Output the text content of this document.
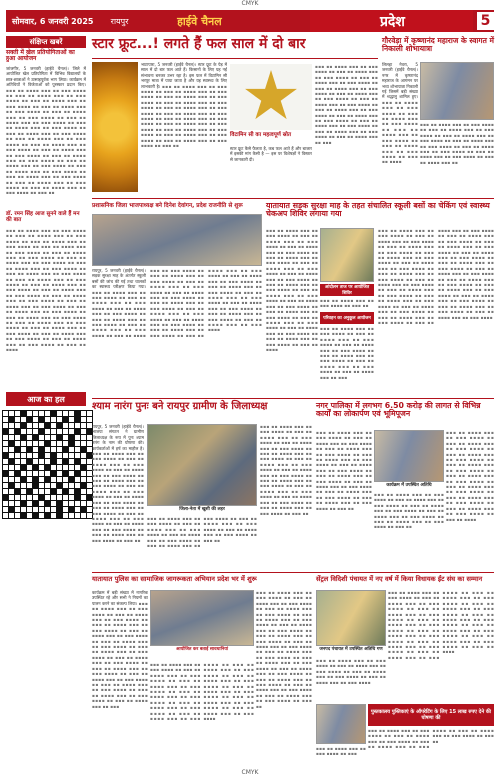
CMYK
सोमवार, 6 जनवरी 2025	रायपुर	हाईवे चैनल	प्रदेश	5
संक्षिप्त खबरें
सक्ती में खेल प्रतियोगिताओं का हुआ आयोजन
जांजगीर, 5 जनवरी (हाईवे चैनल)। जिले में आयोजित खेल प्रतियोगिता में विभिन्न विद्यालयों के छात्र-छात्राओं ने उत्साहपूर्वक भाग लिया। कार्यक्रम में अतिथियों ने विजेताओं को पुरस्कार प्रदान किए। ▪▪▪ ▪▪ ▪▪▪▪ ▪▪▪ ▪▪ ▪▪▪ ▪▪▪▪ ▪▪ ▪▪▪ ▪▪ ▪▪▪▪ ▪▪▪ ▪▪ ▪▪▪ ▪▪▪▪ ▪▪ ▪▪▪ ▪▪ ▪▪▪▪ ▪▪▪ ▪▪ ▪▪▪ ▪▪▪▪ ▪▪ ▪▪▪ ▪▪ ▪▪▪▪ ▪▪▪ ▪▪ ▪▪▪ ▪▪▪▪ ▪▪ ▪▪▪ ▪▪ ▪▪▪▪ ▪▪▪ ▪▪ ▪▪▪ ▪▪▪▪ ▪▪ ▪▪▪ ▪▪ ▪▪▪▪ ▪▪▪ ▪▪ ▪▪▪ ▪▪▪▪ ▪▪ ▪▪▪ ▪▪ ▪▪▪▪ ▪▪▪ ▪▪ ▪▪▪ ▪▪▪▪ ▪▪ ▪▪▪ ▪▪ ▪▪▪▪ ▪▪▪ ▪▪ ▪▪▪ ▪▪▪▪ ▪▪ ▪▪▪ ▪▪ ▪▪▪▪ ▪▪▪ ▪▪ ▪▪▪ ▪▪▪▪ ▪▪ ▪▪▪ ▪▪ ▪▪▪▪ ▪▪▪ ▪▪ ▪▪▪ ▪▪▪▪ ▪▪ ▪▪▪ ▪▪ ▪▪▪▪ ▪▪▪ ▪▪ ▪▪▪ ▪▪▪▪ ▪▪ ▪▪▪ ▪▪ ▪▪▪▪ ▪▪▪ ▪▪ ▪▪▪ ▪▪▪▪ ▪▪ ▪▪▪ ▪▪ ▪▪▪▪ ▪▪▪ ▪▪ ▪▪▪ ▪▪▪▪ ▪▪ ▪▪▪ ▪▪ ▪▪▪▪ ▪▪▪ ▪▪ ▪▪▪ ▪▪▪▪ ▪▪ ▪▪▪ ▪▪ ▪▪▪▪ ▪▪▪ ▪▪ ▪▪▪ ▪▪▪▪ ▪▪ ▪▪▪ ▪▪ ▪▪▪▪ ▪▪▪ ▪▪ ▪▪▪ ▪▪▪▪ ▪▪ ▪▪▪ ▪▪ ▪▪▪▪ ▪▪▪ ▪▪ ▪▪▪ ▪▪▪▪ ▪▪ ▪▪▪ ▪▪
डॉ. रमन सिंह आज सुनने वाले हैं मन की बात
▪▪▪ ▪▪ ▪▪▪▪ ▪▪▪ ▪▪ ▪▪▪ ▪▪▪▪ ▪▪ ▪▪▪ ▪▪ ▪▪▪▪ ▪▪▪ ▪▪ ▪▪▪ ▪▪▪▪ ▪▪ ▪▪▪ ▪▪ ▪▪▪▪ ▪▪▪ ▪▪ ▪▪▪ ▪▪▪▪ ▪▪ ▪▪▪ ▪▪ ▪▪▪▪ ▪▪▪ ▪▪ ▪▪▪ ▪▪▪▪ ▪▪ ▪▪▪ ▪▪ ▪▪▪▪ ▪▪▪ ▪▪ ▪▪▪ ▪▪▪▪ ▪▪ ▪▪▪ ▪▪ ▪▪▪▪ ▪▪▪ ▪▪ ▪▪▪ ▪▪▪▪ ▪▪ ▪▪▪ ▪▪ ▪▪▪▪ ▪▪▪ ▪▪ ▪▪▪ ▪▪▪▪ ▪▪ ▪▪▪ ▪▪ ▪▪▪▪ ▪▪▪ ▪▪ ▪▪▪ ▪▪▪▪ ▪▪ ▪▪▪ ▪▪ ▪▪▪▪ ▪▪▪ ▪▪ ▪▪▪ ▪▪▪▪ ▪▪ ▪▪▪ ▪▪ ▪▪▪▪ ▪▪▪ ▪▪ ▪▪▪ ▪▪▪▪ ▪▪ ▪▪▪ ▪▪ ▪▪▪▪ ▪▪▪ ▪▪ ▪▪▪ ▪▪▪▪ ▪▪ ▪▪▪ ▪▪ ▪▪▪▪ ▪▪▪ ▪▪ ▪▪▪ ▪▪▪▪ ▪▪ ▪▪▪ ▪▪ ▪▪▪▪ ▪▪▪ ▪▪ ▪▪▪ ▪▪▪▪ ▪▪ ▪▪▪ ▪▪ ▪▪▪▪ ▪▪▪ ▪▪ ▪▪▪ ▪▪▪▪ ▪▪ ▪▪▪ ▪▪ ▪▪▪▪ ▪▪▪ ▪▪ ▪▪▪ ▪▪▪▪ ▪▪ ▪▪▪ ▪▪ ▪▪▪▪ ▪▪▪ ▪▪ ▪▪▪ ▪▪▪▪ ▪▪ ▪▪▪ ▪▪ ▪▪▪▪ ▪▪▪ ▪▪ ▪▪▪ ▪▪▪▪ ▪▪ ▪▪▪ ▪▪ ▪▪▪▪ ▪▪▪ ▪▪ ▪▪▪ ▪▪▪▪ ▪▪ ▪▪▪ ▪▪ ▪▪▪▪ ▪▪▪ ▪▪ ▪▪▪ ▪▪▪▪ ▪▪ ▪▪▪ ▪▪ ▪▪▪▪
आज का हल
स्टार फ्रूट...! लगते हैं फल साल में दो बार
भाटापारा, 5 जनवरी (हाईवे चैनल)। स्टार फ्रूट के पेड़ में साल में दो बार फल आते हैं। किसानों के लिए यह नई संभावना बनकर उभर रहा है। इस फल में विटामिन सी भरपूर मात्रा में पाया जाता है और यह स्वास्थ्य के लिए लाभकारी है। ▪▪▪ ▪▪ ▪▪▪▪ ▪▪▪ ▪▪ ▪▪▪ ▪▪▪▪ ▪▪ ▪▪▪ ▪▪ ▪▪▪▪ ▪▪▪ ▪▪ ▪▪▪ ▪▪▪▪ ▪▪ ▪▪▪ ▪▪ ▪▪▪▪ ▪▪▪ ▪▪ ▪▪▪ ▪▪▪▪ ▪▪ ▪▪▪ ▪▪ ▪▪▪▪ ▪▪▪ ▪▪ ▪▪▪ ▪▪▪▪ ▪▪ ▪▪▪ ▪▪ ▪▪▪▪ ▪▪▪ ▪▪ ▪▪▪ ▪▪▪▪ ▪▪ ▪▪▪ ▪▪ ▪▪▪▪ ▪▪▪ ▪▪ ▪▪▪ ▪▪▪▪ ▪▪ ▪▪▪ ▪▪ ▪▪▪▪ ▪▪▪ ▪▪ ▪▪▪ ▪▪▪▪ ▪▪ ▪▪▪ ▪▪ ▪▪▪▪ ▪▪▪ ▪▪ ▪▪▪ ▪▪▪▪ ▪▪ ▪▪▪ ▪▪ ▪▪▪▪ ▪▪▪ ▪▪ ▪▪▪ ▪▪▪▪ ▪▪ ▪▪▪ ▪▪ ▪▪▪▪ ▪▪▪ ▪▪ ▪▪▪ ▪▪▪▪ ▪▪ ▪▪▪ ▪▪ ▪▪▪▪ ▪▪▪ ▪▪ ▪▪▪ ▪▪▪▪ ▪▪ ▪▪▪ ▪▪
▪▪▪ ▪▪ ▪▪▪▪ ▪▪▪ ▪▪ ▪▪▪ ▪▪▪▪ ▪▪ ▪▪▪ ▪▪ ▪▪▪▪ ▪▪▪ ▪▪ ▪▪▪ ▪▪▪▪ ▪▪ ▪▪▪ ▪▪ ▪▪▪▪ ▪▪▪ ▪▪ ▪▪▪ ▪▪▪▪ ▪▪ ▪▪▪ ▪▪ ▪▪▪▪ ▪▪▪ ▪▪ ▪▪▪ ▪▪▪▪ ▪▪ ▪▪▪ ▪▪ ▪▪▪▪ ▪▪▪ ▪▪ ▪▪▪ ▪▪▪▪ ▪▪ ▪▪▪ ▪▪ ▪▪▪▪ ▪▪▪ ▪▪ ▪▪▪ ▪▪▪▪ ▪▪ ▪▪▪ ▪▪ ▪▪▪▪ ▪▪▪ ▪▪ ▪▪▪ ▪▪▪▪ ▪▪ ▪▪▪ ▪▪ ▪▪▪▪ ▪▪▪ ▪▪ ▪▪▪ ▪▪▪▪ ▪▪ ▪▪▪ ▪▪ ▪▪▪▪ ▪▪▪ ▪▪ ▪▪▪ ▪▪▪▪ ▪▪ ▪▪▪ ▪▪ ▪▪▪▪ ▪▪▪ ▪▪ ▪▪▪ ▪▪▪▪ ▪▪ ▪▪▪ ▪▪ ▪▪▪▪ ▪▪▪ ▪▪ ▪▪▪
विटामिन सी का महत्वपूर्ण स्रोत
स्टार फ्रूट कैसे फैलता है, कब फल आते हैं और बाजार में इसकी मांग कैसी है — इस पर विशेषज्ञों ने विस्तार से जानकारी दी।
गौरवेड़ा में कृष्णानंद महाराज के स्वागत में निकाली शोभायात्रा
लिलहा नेवरा, 5 जनवरी (हाईवे चैनल)। नगर में कृष्णानंद महाराज के आगमन पर भव्य शोभायात्रा निकाली गई जिसमें बड़ी संख्या में श्रद्धालु शामिल हुए। ▪▪▪ ▪▪ ▪▪▪▪ ▪▪▪ ▪▪ ▪▪▪ ▪▪▪▪ ▪▪ ▪▪▪ ▪▪ ▪▪▪▪ ▪▪▪ ▪▪ ▪▪▪ ▪▪▪▪ ▪▪ ▪▪▪ ▪▪ ▪▪▪▪ ▪▪▪ ▪▪ ▪▪▪ ▪▪▪▪ ▪▪ ▪▪▪ ▪▪ ▪▪▪▪ ▪▪▪ ▪▪ ▪▪▪ ▪▪▪▪ ▪▪ ▪▪▪ ▪▪ ▪▪▪▪
▪▪▪ ▪▪ ▪▪▪▪ ▪▪▪ ▪▪ ▪▪▪ ▪▪▪▪ ▪▪ ▪▪▪ ▪▪ ▪▪▪▪ ▪▪▪ ▪▪ ▪▪▪ ▪▪▪▪ ▪▪ ▪▪▪ ▪▪ ▪▪▪▪ ▪▪▪ ▪▪ ▪▪▪ ▪▪▪▪ ▪▪ ▪▪▪ ▪▪ ▪▪▪▪ ▪▪▪ ▪▪ ▪▪▪ ▪▪▪▪ ▪▪ ▪▪▪ ▪▪ ▪▪▪▪ ▪▪▪ ▪▪ ▪▪▪ ▪▪▪▪ ▪▪ ▪▪▪ ▪▪ ▪▪▪▪ ▪▪▪ ▪▪ ▪▪▪ ▪▪▪▪ ▪▪ ▪▪▪ ▪▪ ▪▪▪▪ ▪▪▪ ▪▪
प्रशासनिक जिला भाजपाध्यक्ष बने दिनेश देवांगन, प्रदेश राजनीति से शुरू
रायपुर, 5 जनवरी (हाईवे चैनल)। सड़क सुरक्षा माह के अंतर्गत स्कूली बसों की जांच की गई तथा चालकों का स्वास्थ्य परीक्षण किया गया। ▪▪▪ ▪▪ ▪▪▪▪ ▪▪▪ ▪▪ ▪▪▪ ▪▪▪▪ ▪▪ ▪▪▪ ▪▪ ▪▪▪▪ ▪▪▪ ▪▪ ▪▪▪ ▪▪▪▪ ▪▪ ▪▪▪ ▪▪ ▪▪▪▪ ▪▪▪ ▪▪ ▪▪▪ ▪▪▪▪ ▪▪ ▪▪▪ ▪▪ ▪▪▪▪ ▪▪▪ ▪▪ ▪▪▪ ▪▪▪▪ ▪▪ ▪▪▪ ▪▪ ▪▪▪▪ ▪▪▪ ▪▪ ▪▪▪ ▪▪▪▪ ▪▪ ▪▪▪ ▪▪ ▪▪▪▪ ▪▪▪ ▪▪ ▪▪▪ ▪▪▪▪ ▪▪ ▪▪▪ ▪▪ ▪▪▪▪ ▪▪▪ ▪▪ ▪▪▪ ▪▪▪▪ ▪▪ ▪▪▪ ▪▪ ▪▪▪▪ ▪▪▪ ▪▪ ▪▪▪ ▪▪▪▪ ▪▪ ▪▪▪ ▪▪ ▪▪▪▪ ▪▪▪ ▪▪ ▪▪▪ ▪▪▪▪ ▪▪ ▪▪▪ ▪▪ ▪▪▪▪ ▪▪▪ ▪▪ ▪▪▪ ▪▪▪▪ ▪▪ ▪▪▪ ▪▪ ▪▪▪▪ ▪▪▪ ▪▪ ▪▪▪ ▪▪▪▪ ▪▪ ▪▪▪ ▪▪ ▪▪▪▪ ▪▪▪ ▪▪ ▪▪▪ ▪▪▪▪ ▪▪ ▪▪▪ ▪▪ ▪▪▪▪ ▪▪▪ ▪▪ ▪▪▪ ▪▪▪▪ ▪▪ ▪▪▪ ▪▪ ▪▪▪▪ ▪▪▪ ▪▪ ▪▪▪ ▪▪▪▪ ▪▪ ▪▪▪ ▪▪ ▪▪▪▪ ▪▪▪ ▪▪ ▪▪▪ ▪▪▪▪ ▪▪ ▪▪▪ ▪▪ ▪▪▪▪ ▪▪▪ ▪▪ ▪▪▪ ▪▪▪▪ ▪▪ ▪▪▪ ▪▪ ▪▪▪▪ ▪▪▪ ▪▪ ▪▪▪ ▪▪▪▪ ▪▪ ▪▪▪ ▪▪ ▪▪▪▪ ▪▪▪ ▪▪ ▪▪▪ ▪▪▪▪ ▪▪ ▪▪▪ ▪▪ ▪▪▪▪ ▪▪▪ ▪▪ ▪▪▪ ▪▪▪▪ ▪▪ ▪▪▪ ▪▪ ▪▪▪▪ ▪▪▪ ▪▪ ▪▪▪ ▪▪▪▪
यातायात सड़क सुरक्षा माह के तहत संचालित स्कूली बसों का चेकिंग एवं स्वास्थ्य चेकअप शिविर लगाया गया
▪▪▪ ▪▪ ▪▪▪▪ ▪▪▪ ▪▪ ▪▪▪ ▪▪▪▪ ▪▪ ▪▪▪ ▪▪ ▪▪▪▪ ▪▪▪ ▪▪ ▪▪▪ ▪▪▪▪ ▪▪ ▪▪▪ ▪▪ ▪▪▪▪ ▪▪▪ ▪▪ ▪▪▪ ▪▪▪▪ ▪▪ ▪▪▪ ▪▪ ▪▪▪▪ ▪▪▪ ▪▪ ▪▪▪ ▪▪▪▪ ▪▪ ▪▪▪ ▪▪ ▪▪▪▪ ▪▪▪ ▪▪ ▪▪▪ ▪▪▪▪ ▪▪ ▪▪▪ ▪▪ ▪▪▪▪ ▪▪▪ ▪▪ ▪▪▪ ▪▪▪▪ ▪▪ ▪▪▪ ▪▪ ▪▪▪▪ ▪▪▪ ▪▪ ▪▪▪ ▪▪▪▪ ▪▪ ▪▪▪ ▪▪ ▪▪▪▪ ▪▪▪ ▪▪ ▪▪▪ ▪▪▪▪ ▪▪ ▪▪▪ ▪▪ ▪▪▪▪ ▪▪▪ ▪▪ ▪▪▪ ▪▪▪▪ ▪▪ ▪▪▪ ▪▪ ▪▪▪▪ ▪▪▪ ▪▪ ▪▪▪ ▪▪▪▪ ▪▪ ▪▪▪ ▪▪ ▪▪▪▪ ▪▪▪ ▪▪ ▪▪▪ ▪▪▪▪ ▪▪ ▪▪▪ ▪▪ ▪▪▪▪ ▪▪▪ ▪▪ ▪▪▪ ▪▪▪▪ ▪▪ ▪▪▪ ▪▪ ▪▪▪▪ ▪▪▪ ▪▪ ▪▪▪ ▪▪▪▪ ▪▪ ▪▪▪ ▪▪ ▪▪▪▪
आंदोलन ताज पर आयोजित शिविर
▪▪▪ ▪▪ ▪▪▪▪ ▪▪▪ ▪▪ ▪▪▪ ▪▪▪▪ ▪▪ ▪▪▪ ▪▪
परिवहन का अनुकूल आयोजन
▪▪▪ ▪▪ ▪▪▪▪ ▪▪▪ ▪▪ ▪▪▪ ▪▪▪▪ ▪▪ ▪▪▪ ▪▪ ▪▪▪▪ ▪▪▪ ▪▪ ▪▪▪ ▪▪▪▪ ▪▪ ▪▪▪ ▪▪ ▪▪▪▪ ▪▪▪ ▪▪ ▪▪▪ ▪▪▪▪ ▪▪ ▪▪▪ ▪▪ ▪▪▪▪ ▪▪▪ ▪▪ ▪▪▪ ▪▪▪▪ ▪▪ ▪▪▪ ▪▪ ▪▪▪▪ ▪▪▪ ▪▪ ▪▪▪ ▪▪▪▪ ▪▪ ▪▪▪ ▪▪ ▪▪▪▪ ▪▪▪ ▪▪ ▪▪▪
▪▪▪ ▪▪ ▪▪▪▪ ▪▪▪ ▪▪ ▪▪▪ ▪▪▪▪ ▪▪ ▪▪▪ ▪▪ ▪▪▪▪ ▪▪▪ ▪▪ ▪▪▪ ▪▪▪▪ ▪▪ ▪▪▪ ▪▪ ▪▪▪▪ ▪▪▪ ▪▪ ▪▪▪ ▪▪▪▪ ▪▪ ▪▪▪ ▪▪ ▪▪▪▪ ▪▪▪ ▪▪ ▪▪▪ ▪▪▪▪ ▪▪ ▪▪▪ ▪▪ ▪▪▪▪ ▪▪▪ ▪▪ ▪▪▪ ▪▪▪▪ ▪▪ ▪▪▪ ▪▪ ▪▪▪▪ ▪▪▪ ▪▪ ▪▪▪ ▪▪▪▪ ▪▪ ▪▪▪ ▪▪ ▪▪▪▪ ▪▪▪ ▪▪ ▪▪▪ ▪▪▪▪ ▪▪ ▪▪▪ ▪▪ ▪▪▪▪ ▪▪▪ ▪▪ ▪▪▪ ▪▪▪▪ ▪▪ ▪▪▪ ▪▪ ▪▪▪▪ ▪▪▪ ▪▪ ▪▪▪ ▪▪▪▪ ▪▪ ▪▪▪ ▪▪ ▪▪▪▪ ▪▪▪ ▪▪ ▪▪▪ ▪▪▪▪ ▪▪ ▪▪▪ ▪▪ ▪▪▪▪ ▪▪▪ ▪▪ ▪▪▪ ▪▪▪▪ ▪▪ ▪▪▪ ▪▪ ▪▪▪▪ ▪▪▪ ▪▪ ▪▪▪ ▪▪▪▪ ▪▪ ▪▪▪ ▪▪ ▪▪▪▪ ▪▪▪ ▪▪ ▪▪▪ ▪▪▪▪ ▪▪ ▪▪▪ ▪▪ ▪▪▪▪ ▪▪▪ ▪▪ ▪▪▪ ▪▪▪▪ ▪▪ ▪▪▪ ▪▪ ▪▪▪▪ ▪▪▪ ▪▪ ▪▪▪ ▪▪▪▪ ▪▪ ▪▪▪ ▪▪ ▪▪▪▪ ▪▪▪ ▪▪ ▪▪▪ ▪▪▪▪ ▪▪ ▪▪▪ ▪▪ ▪▪▪▪ ▪▪▪ ▪▪ ▪▪▪ ▪▪▪▪ ▪▪ ▪▪▪ ▪▪ ▪▪▪▪ ▪▪▪ ▪▪ ▪▪▪ ▪▪▪▪ ▪▪ ▪▪▪ ▪▪ ▪▪▪▪ ▪▪▪ ▪▪ ▪▪▪ ▪▪▪▪ ▪▪ ▪▪▪ ▪▪ ▪▪▪▪ ▪▪▪ ▪▪ ▪▪▪ ▪▪▪▪ ▪▪ ▪▪▪ ▪▪ ▪▪▪▪ ▪▪▪ ▪▪ ▪▪▪ ▪▪▪▪ ▪▪ ▪▪▪ ▪▪ ▪▪▪▪ ▪▪▪ ▪▪ ▪▪▪ ▪▪▪▪
श्याम नारंग पुनः बने रायपुर ग्रामीण के जिलाध्यक्ष
रायपुर, 5 जनवरी (हाईवे चैनल)। भाजपा संगठन ने ग्रामीण जिलाध्यक्ष के रूप में पुनः श्याम नारंग के नाम की घोषणा की। कार्यकर्ताओं में हर्ष का माहौल है। ▪▪▪ ▪▪ ▪▪▪▪ ▪▪▪ ▪▪ ▪▪▪ ▪▪▪▪ ▪▪ ▪▪▪ ▪▪ ▪▪▪▪ ▪▪▪ ▪▪ ▪▪▪ ▪▪▪▪ ▪▪ ▪▪▪ ▪▪ ▪▪▪▪ ▪▪▪ ▪▪ ▪▪▪ ▪▪▪▪ ▪▪ ▪▪▪ ▪▪ ▪▪▪▪ ▪▪▪ ▪▪ ▪▪▪ ▪▪▪▪ ▪▪ ▪▪▪ ▪▪ ▪▪▪▪ ▪▪▪ ▪▪ ▪▪▪ ▪▪▪▪ ▪▪ ▪▪▪ ▪▪ ▪▪▪▪ ▪▪▪ ▪▪ ▪▪▪ ▪▪▪▪ ▪▪ ▪▪▪ ▪▪ ▪▪▪▪ ▪▪▪ ▪▪ ▪▪▪ ▪▪▪▪ ▪▪ ▪▪▪ ▪▪ ▪▪▪▪ ▪▪▪ ▪▪ ▪▪▪ ▪▪▪▪ ▪▪ ▪▪▪ ▪▪ ▪▪▪▪ ▪▪▪ ▪▪ ▪▪▪ ▪▪▪▪ ▪▪ ▪▪▪ ▪▪ ▪▪▪▪ ▪▪▪ ▪▪ ▪▪▪ ▪▪▪▪ ▪▪ ▪▪▪ ▪▪
जिला-नेता में खुशी की लहर
▪▪▪ ▪▪ ▪▪▪▪ ▪▪▪ ▪▪ ▪▪▪ ▪▪▪▪ ▪▪ ▪▪▪ ▪▪ ▪▪▪▪ ▪▪▪ ▪▪ ▪▪▪ ▪▪▪▪ ▪▪ ▪▪▪ ▪▪ ▪▪▪▪ ▪▪▪ ▪▪ ▪▪▪ ▪▪▪▪ ▪▪ ▪▪▪ ▪▪ ▪▪▪▪ ▪▪▪ ▪▪ ▪▪▪ ▪▪▪▪ ▪▪ ▪▪▪ ▪▪ ▪▪▪▪ ▪▪▪ ▪▪ ▪▪▪ ▪▪▪▪ ▪▪ ▪▪▪ ▪▪ ▪▪▪▪ ▪▪▪ ▪▪ ▪▪▪ ▪▪▪▪ ▪▪ ▪▪▪ ▪▪
▪▪▪ ▪▪ ▪▪▪▪ ▪▪▪ ▪▪ ▪▪▪ ▪▪▪▪ ▪▪ ▪▪▪ ▪▪ ▪▪▪▪ ▪▪▪ ▪▪ ▪▪▪ ▪▪▪▪ ▪▪ ▪▪▪ ▪▪ ▪▪▪▪ ▪▪▪ ▪▪ ▪▪▪ ▪▪▪▪ ▪▪ ▪▪▪ ▪▪ ▪▪▪▪ ▪▪▪ ▪▪ ▪▪▪ ▪▪▪▪ ▪▪ ▪▪▪ ▪▪ ▪▪▪▪ ▪▪▪ ▪▪ ▪▪▪ ▪▪▪▪ ▪▪ ▪▪▪ ▪▪ ▪▪▪▪ ▪▪▪ ▪▪ ▪▪▪ ▪▪▪▪ ▪▪ ▪▪▪ ▪▪ ▪▪▪▪ ▪▪▪ ▪▪ ▪▪▪ ▪▪▪▪ ▪▪ ▪▪▪ ▪▪ ▪▪▪▪ ▪▪▪ ▪▪ ▪▪▪ ▪▪▪▪ ▪▪ ▪▪▪ ▪▪ ▪▪▪▪ ▪▪▪ ▪▪ ▪▪▪ ▪▪▪▪ ▪▪ ▪▪▪ ▪▪ ▪▪▪▪ ▪▪▪ ▪▪ ▪▪▪ ▪▪▪▪ ▪▪ ▪▪▪ ▪▪
नगर पालिका में लगभग 6.50 करोड़ की लागत से विभिन्न कार्यों का लोकार्पण एवं भूमिपूजन
▪▪▪ ▪▪ ▪▪▪▪ ▪▪▪ ▪▪ ▪▪▪ ▪▪▪▪ ▪▪ ▪▪▪ ▪▪ ▪▪▪▪ ▪▪▪ ▪▪ ▪▪▪ ▪▪▪▪ ▪▪ ▪▪▪ ▪▪ ▪▪▪▪ ▪▪▪ ▪▪ ▪▪▪ ▪▪▪▪ ▪▪ ▪▪▪ ▪▪ ▪▪▪▪ ▪▪▪ ▪▪ ▪▪▪ ▪▪▪▪ ▪▪ ▪▪▪ ▪▪ ▪▪▪▪ ▪▪▪ ▪▪ ▪▪▪ ▪▪▪▪ ▪▪ ▪▪▪ ▪▪ ▪▪▪▪ ▪▪▪ ▪▪ ▪▪▪ ▪▪▪▪ ▪▪ ▪▪▪ ▪▪ ▪▪▪▪ ▪▪▪ ▪▪ ▪▪▪ ▪▪▪▪ ▪▪ ▪▪▪ ▪▪ ▪▪▪▪ ▪▪▪ ▪▪ ▪▪▪ ▪▪▪▪ ▪▪ ▪▪▪ ▪▪ ▪▪▪▪ ▪▪▪ ▪▪ ▪▪▪ ▪▪▪▪ ▪▪ ▪▪▪ ▪▪
कार्यक्रम में उपस्थित अतिथि
▪▪▪ ▪▪ ▪▪▪▪ ▪▪▪ ▪▪ ▪▪▪ ▪▪▪▪ ▪▪ ▪▪▪ ▪▪ ▪▪▪▪ ▪▪▪ ▪▪ ▪▪▪ ▪▪▪▪ ▪▪ ▪▪▪ ▪▪ ▪▪▪▪ ▪▪▪ ▪▪ ▪▪▪ ▪▪▪▪ ▪▪ ▪▪▪ ▪▪ ▪▪▪▪ ▪▪▪ ▪▪ ▪▪▪ ▪▪▪▪ ▪▪ ▪▪▪ ▪▪ ▪▪▪▪ ▪▪▪ ▪▪ ▪▪▪ ▪▪▪▪ ▪▪ ▪▪▪ ▪▪ ▪▪▪▪ ▪▪▪ ▪▪ ▪▪▪ ▪▪▪▪ ▪▪ ▪▪▪ ▪▪ ▪▪▪▪ ▪▪▪ ▪▪ ▪▪▪ ▪▪▪▪ ▪▪ ▪▪▪ ▪▪ ▪▪▪▪ ▪▪▪ ▪▪ ▪▪▪ ▪▪▪▪ ▪▪ ▪▪▪ ▪▪ ▪▪▪▪
▪▪▪ ▪▪ ▪▪▪▪ ▪▪▪ ▪▪ ▪▪▪ ▪▪▪▪ ▪▪ ▪▪▪ ▪▪ ▪▪▪▪ ▪▪▪ ▪▪ ▪▪▪ ▪▪▪▪ ▪▪ ▪▪▪ ▪▪ ▪▪▪▪ ▪▪▪ ▪▪ ▪▪▪ ▪▪▪▪ ▪▪ ▪▪▪ ▪▪ ▪▪▪▪ ▪▪▪ ▪▪ ▪▪▪ ▪▪▪▪ ▪▪ ▪▪▪ ▪▪ ▪▪▪▪ ▪▪▪ ▪▪ ▪▪▪ ▪▪▪▪ ▪▪ ▪▪▪ ▪▪
यातायात पुलिस का सामाजिक जागरूकता अभियान प्रदेश भर में शुरू
कार्यक्रम में बड़ी संख्या में नागरिक उपस्थित रहे और सभी ने नियमों का पालन करने का संकल्प लिया। ▪▪▪ ▪▪ ▪▪▪▪ ▪▪▪ ▪▪ ▪▪▪ ▪▪▪▪ ▪▪ ▪▪▪ ▪▪ ▪▪▪▪ ▪▪▪ ▪▪ ▪▪▪ ▪▪▪▪ ▪▪ ▪▪▪ ▪▪ ▪▪▪▪ ▪▪▪ ▪▪ ▪▪▪ ▪▪▪▪ ▪▪ ▪▪▪ ▪▪ ▪▪▪▪ ▪▪▪ ▪▪ ▪▪▪ ▪▪▪▪ ▪▪ ▪▪▪ ▪▪ ▪▪▪▪ ▪▪▪ ▪▪ ▪▪▪ ▪▪▪▪ ▪▪ ▪▪▪ ▪▪ ▪▪▪▪ ▪▪▪ ▪▪ ▪▪▪ ▪▪▪▪ ▪▪ ▪▪▪ ▪▪ ▪▪▪▪ ▪▪▪ ▪▪ ▪▪▪ ▪▪▪▪ ▪▪ ▪▪▪ ▪▪ ▪▪▪▪ ▪▪▪ ▪▪ ▪▪▪ ▪▪▪▪ ▪▪ ▪▪▪ ▪▪ ▪▪▪▪ ▪▪▪ ▪▪ ▪▪▪ ▪▪▪▪ ▪▪ ▪▪▪ ▪▪ ▪▪▪▪ ▪▪▪ ▪▪ ▪▪▪ ▪▪▪▪ ▪▪ ▪▪▪ ▪▪ ▪▪▪▪ ▪▪▪ ▪▪ ▪▪▪ ▪▪▪▪ ▪▪ ▪▪▪ ▪▪ ▪▪▪▪ ▪▪▪ ▪▪ ▪▪▪
आयोजित कर बताई सावधानियां
▪▪▪ ▪▪ ▪▪▪▪ ▪▪▪ ▪▪ ▪▪▪ ▪▪▪▪ ▪▪ ▪▪▪ ▪▪ ▪▪▪▪ ▪▪▪ ▪▪ ▪▪▪ ▪▪▪▪ ▪▪ ▪▪▪ ▪▪ ▪▪▪▪ ▪▪▪ ▪▪ ▪▪▪ ▪▪▪▪ ▪▪ ▪▪▪ ▪▪ ▪▪▪▪ ▪▪▪ ▪▪ ▪▪▪ ▪▪▪▪ ▪▪ ▪▪▪ ▪▪ ▪▪▪▪ ▪▪▪ ▪▪ ▪▪▪ ▪▪▪▪ ▪▪ ▪▪▪ ▪▪ ▪▪▪▪ ▪▪▪ ▪▪ ▪▪▪ ▪▪▪▪ ▪▪ ▪▪▪ ▪▪ ▪▪▪▪ ▪▪▪ ▪▪ ▪▪▪ ▪▪▪▪ ▪▪ ▪▪▪ ▪▪ ▪▪▪▪ ▪▪▪ ▪▪ ▪▪▪ ▪▪▪▪ ▪▪ ▪▪▪ ▪▪ ▪▪▪▪ ▪▪▪ ▪▪ ▪▪▪ ▪▪▪▪ ▪▪ ▪▪▪ ▪▪ ▪▪▪▪ ▪▪▪ ▪▪ ▪▪▪ ▪▪▪▪ ▪▪ ▪▪▪ ▪▪ ▪▪▪▪ ▪▪▪ ▪▪ ▪▪▪ ▪▪▪▪
▪▪▪ ▪▪ ▪▪▪▪ ▪▪▪ ▪▪ ▪▪▪ ▪▪▪▪ ▪▪ ▪▪▪ ▪▪ ▪▪▪▪ ▪▪▪ ▪▪ ▪▪▪ ▪▪▪▪ ▪▪ ▪▪▪ ▪▪ ▪▪▪▪ ▪▪▪ ▪▪ ▪▪▪ ▪▪▪▪ ▪▪ ▪▪▪ ▪▪ ▪▪▪▪ ▪▪▪ ▪▪ ▪▪▪ ▪▪▪▪ ▪▪ ▪▪▪ ▪▪ ▪▪▪▪ ▪▪▪ ▪▪ ▪▪▪ ▪▪▪▪ ▪▪ ▪▪▪ ▪▪ ▪▪▪▪ ▪▪▪ ▪▪ ▪▪▪ ▪▪▪▪ ▪▪ ▪▪▪ ▪▪ ▪▪▪▪ ▪▪▪ ▪▪ ▪▪▪ ▪▪▪▪ ▪▪ ▪▪▪ ▪▪ ▪▪▪▪ ▪▪▪ ▪▪ ▪▪▪ ▪▪▪▪ ▪▪ ▪▪▪ ▪▪ ▪▪▪▪ ▪▪▪ ▪▪ ▪▪▪ ▪▪▪▪ ▪▪ ▪▪▪ ▪▪ ▪▪▪▪ ▪▪▪ ▪▪ ▪▪▪ ▪▪▪▪ ▪▪ ▪▪▪ ▪▪ ▪▪▪▪ ▪▪▪ ▪▪ ▪▪▪ ▪▪▪▪ ▪▪ ▪▪▪ ▪▪ ▪▪▪▪ ▪▪▪ ▪▪ ▪▪▪ ▪▪▪▪ ▪▪ ▪▪▪ ▪▪ ▪▪▪▪ ▪▪▪ ▪▪ ▪▪▪ ▪▪▪▪ ▪▪ ▪▪▪ ▪▪
सेंट्रल विदिशी पंचायत में नए वर्ष में किया विधायक ईंट संघ का सम्मान
जनपद पंचायत में उपस्थित अतिथि गण
▪▪▪ ▪▪ ▪▪▪▪ ▪▪▪ ▪▪ ▪▪▪ ▪▪▪▪ ▪▪ ▪▪▪ ▪▪ ▪▪▪▪ ▪▪▪ ▪▪ ▪▪▪ ▪▪▪▪ ▪▪ ▪▪▪ ▪▪ ▪▪▪▪ ▪▪▪ ▪▪ ▪▪▪ ▪▪▪▪ ▪▪ ▪▪▪ ▪▪ ▪▪▪▪ ▪▪▪ ▪▪ ▪▪▪ ▪▪▪▪
▪▪▪ ▪▪ ▪▪▪▪ ▪▪▪ ▪▪ ▪▪▪ ▪▪▪▪ ▪▪ ▪▪▪ ▪▪ ▪▪▪▪ ▪▪▪ ▪▪ ▪▪▪ ▪▪▪▪ ▪▪ ▪▪▪ ▪▪ ▪▪▪▪ ▪▪▪ ▪▪ ▪▪▪ ▪▪▪▪ ▪▪ ▪▪▪ ▪▪ ▪▪▪▪ ▪▪▪ ▪▪ ▪▪▪ ▪▪▪▪ ▪▪ ▪▪▪ ▪▪ ▪▪▪▪ ▪▪▪ ▪▪ ▪▪▪ ▪▪▪▪ ▪▪ ▪▪▪ ▪▪ ▪▪▪▪ ▪▪▪ ▪▪ ▪▪▪ ▪▪▪▪ ▪▪ ▪▪▪ ▪▪ ▪▪▪▪ ▪▪▪ ▪▪ ▪▪▪ ▪▪▪▪ ▪▪ ▪▪▪ ▪▪ ▪▪▪▪ ▪▪▪ ▪▪ ▪▪▪ ▪▪▪▪ ▪▪ ▪▪▪ ▪▪ ▪▪▪▪ ▪▪▪ ▪▪ ▪▪▪ ▪▪▪▪ ▪▪ ▪▪▪ ▪▪ ▪▪▪▪ ▪▪▪ ▪▪ ▪▪▪ ▪▪▪▪ ▪▪ ▪▪▪ ▪▪ ▪▪▪▪ ▪▪▪ ▪▪ ▪▪▪ ▪▪▪▪ ▪▪ ▪▪▪ ▪▪ ▪▪▪▪ ▪▪▪ ▪▪ ▪▪▪ ▪▪▪▪ ▪▪ ▪▪▪ ▪▪ ▪▪▪▪
पुस्तकालय पुस्तिकाएं के ऑपरेटिंग के लिए 15 लाख रुपए देने की घोषणा की
▪▪▪ ▪▪ ▪▪▪▪ ▪▪▪ ▪▪ ▪▪▪ ▪▪▪▪ ▪▪ ▪▪▪ ▪▪ ▪▪▪▪ ▪▪▪ ▪▪ ▪▪▪ ▪▪▪▪ ▪▪ ▪▪▪ ▪▪ ▪▪▪▪ ▪▪▪ ▪▪ ▪▪▪ ▪▪▪▪ ▪▪ ▪▪▪ ▪▪ ▪▪▪▪ ▪▪▪ ▪▪ ▪▪▪ ▪▪▪▪ ▪▪ ▪▪▪ ▪▪
▪▪▪ ▪▪ ▪▪▪▪ ▪▪▪ ▪▪ ▪▪▪ ▪▪▪▪ ▪▪ ▪▪▪
CMYK
